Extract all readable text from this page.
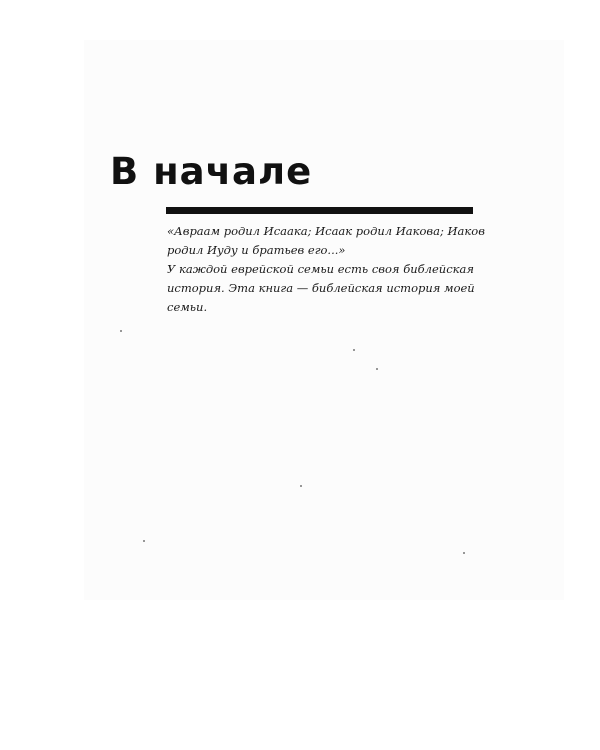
В начале

«Авраам родил Исаака; Исаак родил Иакова; Иаков
родил Иуду и братьев его...»
У каждой еврейской семьи есть своя библейская
история. Эта книга — библейская история моей
семьи.
